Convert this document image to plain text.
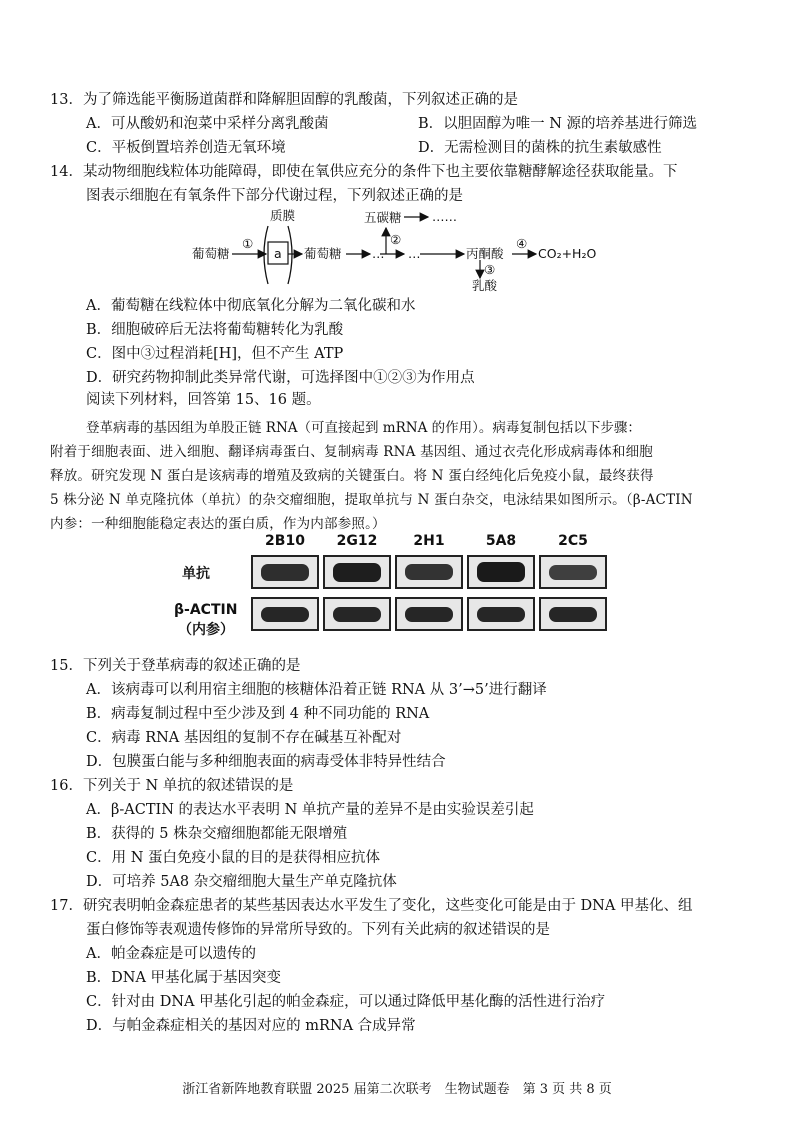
13．为了筛选能平衡肠道菌群和降解胆固醇的乳酸菌，下列叙述正确的是
A．可从酸奶和泡菜中采样分离乳酸菌	B．以胆固醇为唯一 N 源的培养基进行筛选
C．平板倒置培养创造无氧环境	D．无需检测目的菌株的抗生素敏感性
14．某动物细胞线粒体功能障碍，即使在氧供应充分的条件下也主要依靠糖酵解途径获取能量。下
图表示细胞在有氧条件下部分代谢过程，下列叙述正确的是
质膜
葡萄糖
①
a 葡萄糖 …
②
五碳糖 ……
…	丙酮酸
④
CO₂+H₂O
③
乳酸
A．葡萄糖在线粒体中彻底氧化分解为二氧化碳和水
B．细胞破碎后无法将葡萄糖转化为乳酸
C．图中③过程消耗[H]，但不产生 ATP
D．研究药物抑制此类异常代谢，可选择图中①②③为作用点
阅读下列材料，回答第 15、16 题。
登革病毒的基因组为单股正链 RNA（可直接起到 mRNA 的作用）。病毒复制包括以下步骤：
附着于细胞表面、进入细胞、翻译病毒蛋白、复制病毒 RNA 基因组、通过衣壳化形成病毒体和细胞
释放。研究发现 N 蛋白是该病毒的增殖及致病的关键蛋白。将 N 蛋白经纯化后免疫小鼠，最终获得
5 株分泌 N 单克隆抗体（单抗）的杂交瘤细胞，提取单抗与 N 蛋白杂交，电泳结果如图所示。（β-ACTIN
内参：一种细胞能稳定表达的蛋白质，作为内部参照。）
2B10	2G12	2H1	5A8	2C5
单抗
β-ACTIN
（内参）
15．下列关于登革病毒的叙述正确的是
A．该病毒可以利用宿主细胞的核糖体沿着正链 RNA 从 3’→5’进行翻译
B．病毒复制过程中至少涉及到 4 种不同功能的 RNA
C．病毒 RNA 基因组的复制不存在碱基互补配对
D．包膜蛋白能与多种细胞表面的病毒受体非特异性结合
16．下列关于 N 单抗的叙述错误的是
A．β-ACTIN 的表达水平表明 N 单抗产量的差异不是由实验误差引起
B．获得的 5 株杂交瘤细胞都能无限增殖
C．用 N 蛋白免疫小鼠的目的是获得相应抗体
D．可培养 5A8 杂交瘤细胞大量生产单克隆抗体
17．研究表明帕金森症患者的某些基因表达水平发生了变化，这些变化可能是由于 DNA 甲基化、组
蛋白修饰等表观遗传修饰的异常所导致的。下列有关此病的叙述错误的是
A．帕金森症是可以遗传的
B．DNA 甲基化属于基因突变
C．针对由 DNA 甲基化引起的帕金森症，可以通过降低甲基化酶的活性进行治疗
D．与帕金森症相关的基因对应的 mRNA 合成异常
浙江省新阵地教育联盟 2025 届第二次联考　生物试题卷　第 3 页 共 8 页
